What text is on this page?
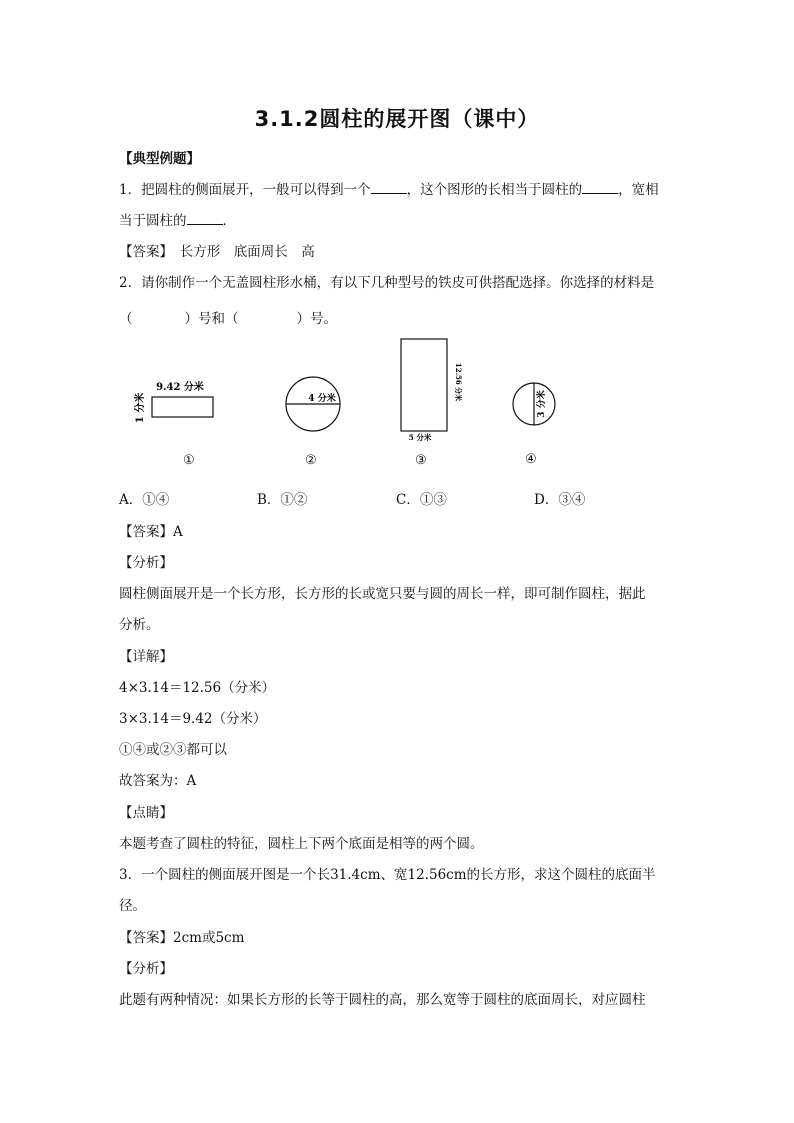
3.1.2圆柱的展开图（课中）
【典型例题】
1．把圆柱的侧面展开，一般可以得到一个	，这个图形的长相当于圆柱的	，宽相
当于圆柱的	．
【答案】　长方形　底面周长　高
2．请你制作一个无盖圆柱形水桶，有以下几种型号的铁皮可供搭配选择。你选择的材料是
（	）号和（	）号。
9.42 分米
1 分米	4 分米	12.56 分米
5 分米
3 分米
①	②	③	④
A．①④	B．①②	C．①③	D．③④
【答案】A
【分析】
圆柱侧面展开是一个长方形，长方形的长或宽只要与圆的周长一样，即可制作圆柱，据此
分析。
【详解】
4×3.14＝12.56（分米）
3×3.14＝9.42（分米）
①④或②③都可以
故答案为：A
【点睛】
本题考查了圆柱的特征，圆柱上下两个底面是相等的两个圆。
3．一个圆柱的侧面展开图是一个长31.4cm、宽12.56cm的长方形，求这个圆柱的底面半
径。
【答案】2cm或5cm
【分析】
此题有两种情况：如果长方形的长等于圆柱的高，那么宽等于圆柱的底面周长，对应圆柱
